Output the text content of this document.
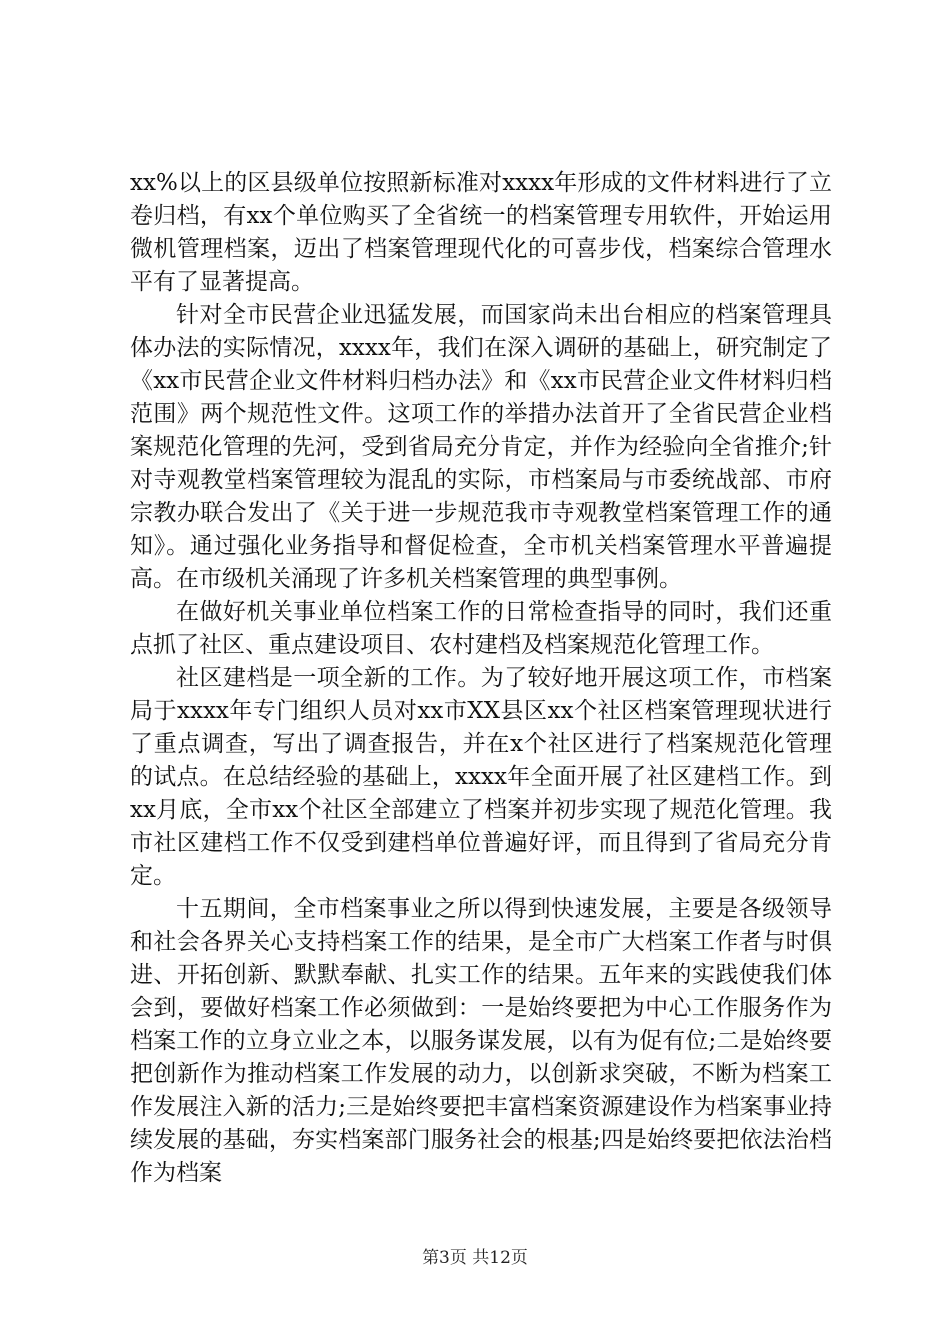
xx%以上的区县级单位按照新标准对xxxx年形成的文件材料进行了立卷归档，有xx个单位购买了全省统一的档案管理专用软件，开始运用微机管理档案，迈出了档案管理现代化的可喜步伐，档案综合管理水平有了显著提高。

针对全市民营企业迅猛发展，而国家尚未出台相应的档案管理具体办法的实际情况，xxxx年，我们在深入调研的基础上，研究制定了《xx市民营企业文件材料归档办法》和《xx市民营企业文件材料归档范围》两个规范性文件。这项工作的举措办法首开了全省民营企业档案规范化管理的先河，受到省局充分肯定，并作为经验向全省推介;针对寺观教堂档案管理较为混乱的实际，市档案局与市委统战部、市府宗教办联合发出了《关于进一步规范我市寺观教堂档案管理工作的通知》。通过强化业务指导和督促检查，全市机关档案管理水平普遍提高。在市级机关涌现了许多机关档案管理的典型事例。

在做好机关事业单位档案工作的日常检查指导的同时，我们还重点抓了社区、重点建设项目、农村建档及档案规范化管理工作。

社区建档是一项全新的工作。为了较好地开展这项工作，市档案局于xxxx年专门组织人员对xx市XX县区xx个社区档案管理现状进行了重点调查，写出了调查报告，并在x个社区进行了档案规范化管理的试点。在总结经验的基础上，xxxx年全面开展了社区建档工作。到xx月底，全市xx个社区全部建立了档案并初步实现了规范化管理。我市社区建档工作不仅受到建档单位普遍好评，而且得到了省局充分肯定。

十五期间，全市档案事业之所以得到快速发展，主要是各级领导和社会各界关心支持档案工作的结果，是全市广大档案工作者与时俱进、开拓创新、默默奉献、扎实工作的结果。五年来的实践使我们体会到，要做好档案工作必须做到：一是始终要把为中心工作服务作为档案工作的立身立业之本，以服务谋发展，以有为促有位;二是始终要把创新作为推动档案工作发展的动力，以创新求突破，不断为档案工作发展注入新的活力;三是始终要把丰富档案资源建设作为档案事业持续发展的基础，夯实档案部门服务社会的根基;四是始终要把依法治档作为档案

第3页 共12页
